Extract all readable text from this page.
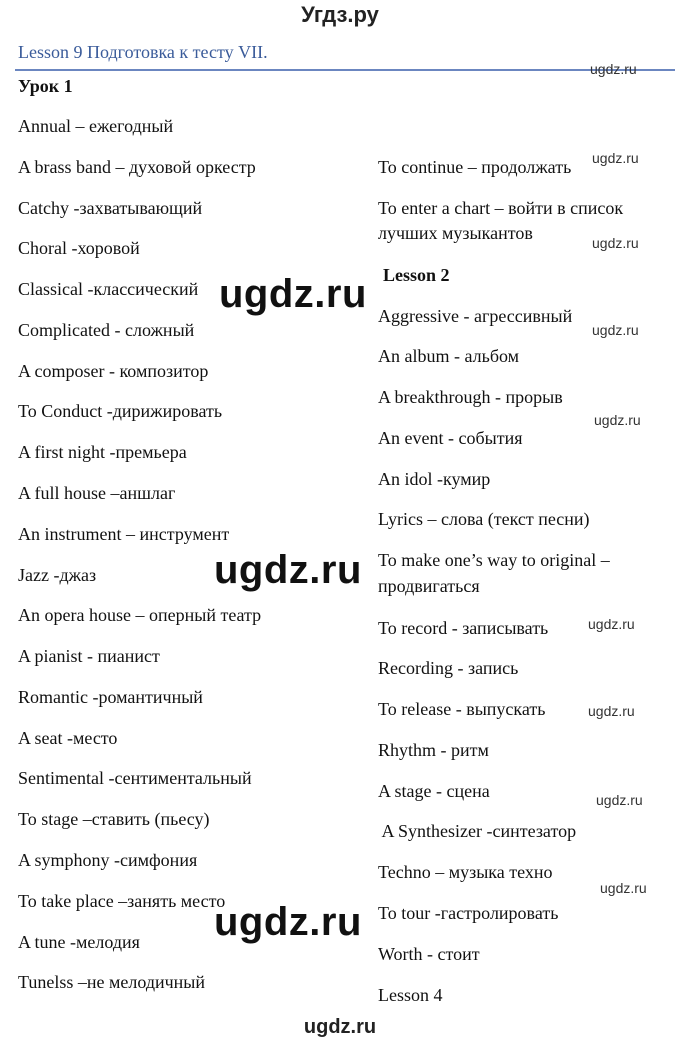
Угдз.ру
Lesson 9 Подготовка к тесту VII.
Урок 1
Annual – ежегодный
A brass band – духовой оркестр
Catchy -захватывающий
Choral -хоровой
Classical -классический
Complicated - сложный
A composer - композитор
To Conduct -дирижировать
A first night -премьера
A full house –аншлаг
An instrument – инструмент
Jazz -джаз
An opera house – оперный театр
A pianist - пианист
Romantic -романтичный
A seat -место
Sentimental -сентиментальный
To stage –ставить (пьесу)
A symphony -симфония
To take place –занять место
A tune -мелодия
Tunelss –не мелодичный
To continue – продолжать
To enter a chart – войти в список
лучших музыкантов
Lesson 2
Aggressive - агрессивный
An album - альбом
A breakthrough - прорыв
An event - события
An idol -кумир
Lyrics – слова (текст песни)
To make one’s way to original –
продвигаться
To record - записывать
Recording - запись
To release - выпускать
Rhythm - ритм
A stage - сцена
A Synthesizer -синтезатор
Techno – музыка техно
To tour -гастролировать
Worth - стоит
Lesson 4
ugdz.ru
ugdz.ru
ugdz.ru
ugdz.ru
ugdz.ru
ugdz.ru
ugdz.ru
ugdz.ru
ugdz.ru
ugdz.ru
ugdz.ru
ugdz.ru
ugdz.ru
